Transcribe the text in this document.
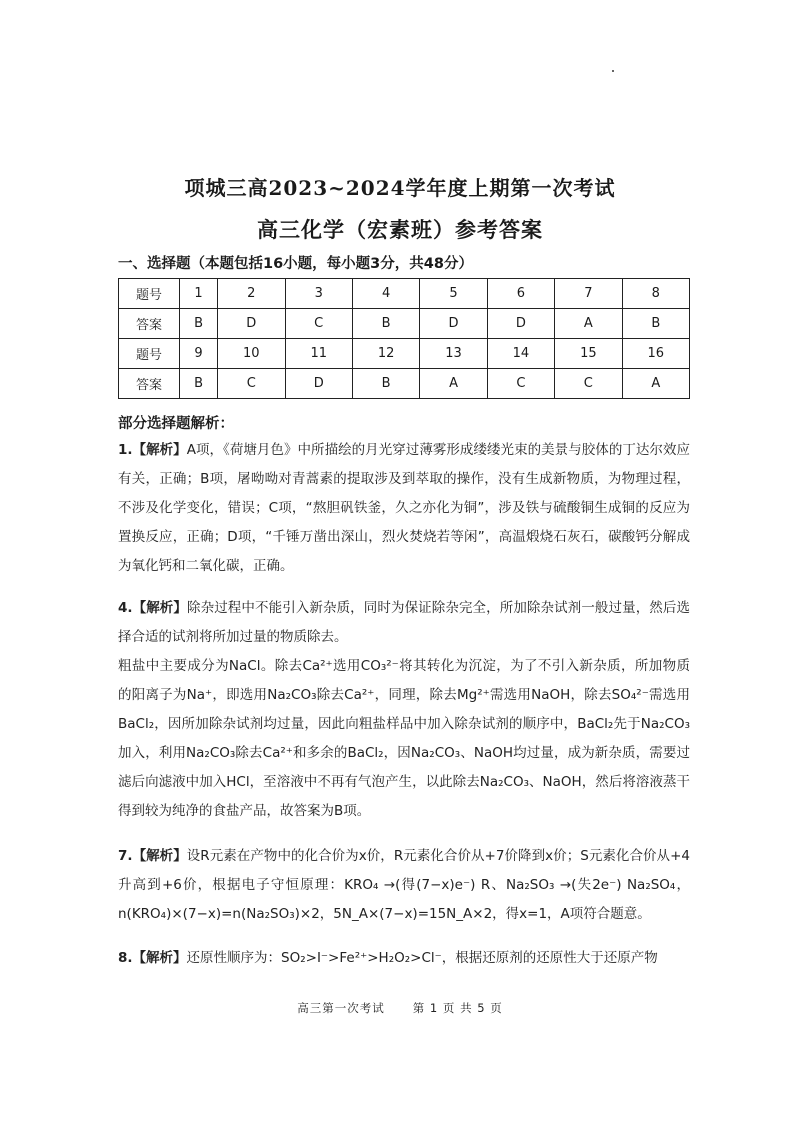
项城三高2023~2024学年度上期第一次考试
高三化学（宏素班）参考答案
一、选择题（本题包括16小题，每小题3分，共48分）
题号	1	2	3	4	5	6	7	8
答案	B	D	C	B	D	D	A	B
题号	9	10	11	12	13	14	15	16
答案	B	C	D	B	A	C	C	A
部分选择题解析：
1.【解析】A项，《荷塘月色》中所描绘的月光穿过薄雾形成缕缕光束的美景与胶体的丁达尔效应有关，正确；B项，屠呦呦对青蒿素的提取涉及到萃取的操作，没有生成新物质，为物理过程，不涉及化学变化，错误；C项，“熬胆矾铁釜，久之亦化为铜”，涉及铁与硫酸铜生成铜的反应为置换反应，正确；D项，“千锤万凿出深山，烈火焚烧若等闲”，高温煅烧石灰石，碳酸钙分解成为氧化钙和二氧化碳，正确。
4.【解析】除杂过程中不能引入新杂质，同时为保证除杂完全，所加除杂试剂一般过量，然后选择合适的试剂将所加过量的物质除去。
粗盐中主要成分为NaCl。除去Ca²⁺选用CO₃²⁻将其转化为沉淀，为了不引入新杂质，所加物质的阳离子为Na⁺，即选用Na₂CO₃除去Ca²⁺，同理，除去Mg²⁺需选用NaOH，除去SO₄²⁻需选用BaCl₂，因所加除杂试剂均过量，因此向粗盐样品中加入除杂试剂的顺序中，BaCl₂先于Na₂CO₃加入，利用Na₂CO₃除去Ca²⁺和多余的BaCl₂，因Na₂CO₃、NaOH均过量，成为新杂质，需要过滤后向滤液中加入HCl，至溶液中不再有气泡产生，以此除去Na₂CO₃、NaOH，然后将溶液蒸干得到较为纯净的食盐产品，故答案为B项。
7.【解析】设R元素在产物中的化合价为x价，R元素化合价从+7价降到x价；S元素化合价从+4升高到+6价，根据电子守恒原理：KRO₄ →(得(7−x)e⁻) R、Na₂SO₃ →(失2e⁻) Na₂SO₄，n(KRO₄)×(7−x)=n(Na₂SO₃)×2，5N_A×(7−x)=15N_A×2，得x=1，A项符合题意。
8.【解析】还原性顺序为：SO₂>I⁻>Fe²⁺>H₂O₂>Cl⁻，根据还原剂的还原性大于还原产物
高三第一次考试 第 1 页 共 5 页
